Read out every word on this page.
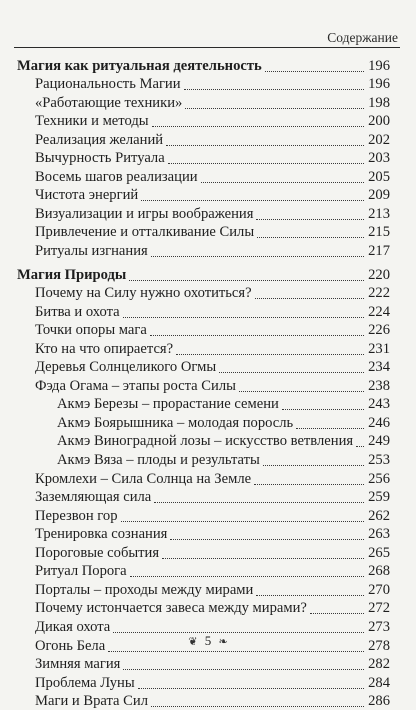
Содержание
Магия как ритуальная деятельность	196
Рациональность Магии	196
«Работающие техники»	198
Техники и методы	200
Реализация желаний	202
Вычурность Ритуала	203
Восемь шагов реализации	205
Чистота энергий	209
Визуализации и игры воображения	213
Привлечение и отталкивание Силы	215
Ритуалы изгнания	217
Магия Природы	220
Почему на Силу нужно охотиться?	222
Битва и охота	224
Точки опоры мага	226
Кто на что опирается?	231
Деревья Солнцеликого Огмы	234
Фэда Огама – этапы роста Силы	238
Акмэ Березы – прорастание семени	243
Акмэ Боярышника – молодая поросль	246
Акмэ Виноградной лозы – искусство ветвления 249
Акмэ Вяза – плоды и результаты	253
Кромлехи – Сила Солнца на Земле	256
Заземляющая сила	259
Перезвон гор	262
Тренировка сознания	263
Пороговые события	265
Ритуал Порога	268
Порталы – проходы между мирами	270
Почему истончается завеса между мирами?	272
Дикая охота	273
Огонь Бела	278
Зимняя магия	282
Проблема Луны	284
Маги и Врата Сил	286
❦ 5 ❧
